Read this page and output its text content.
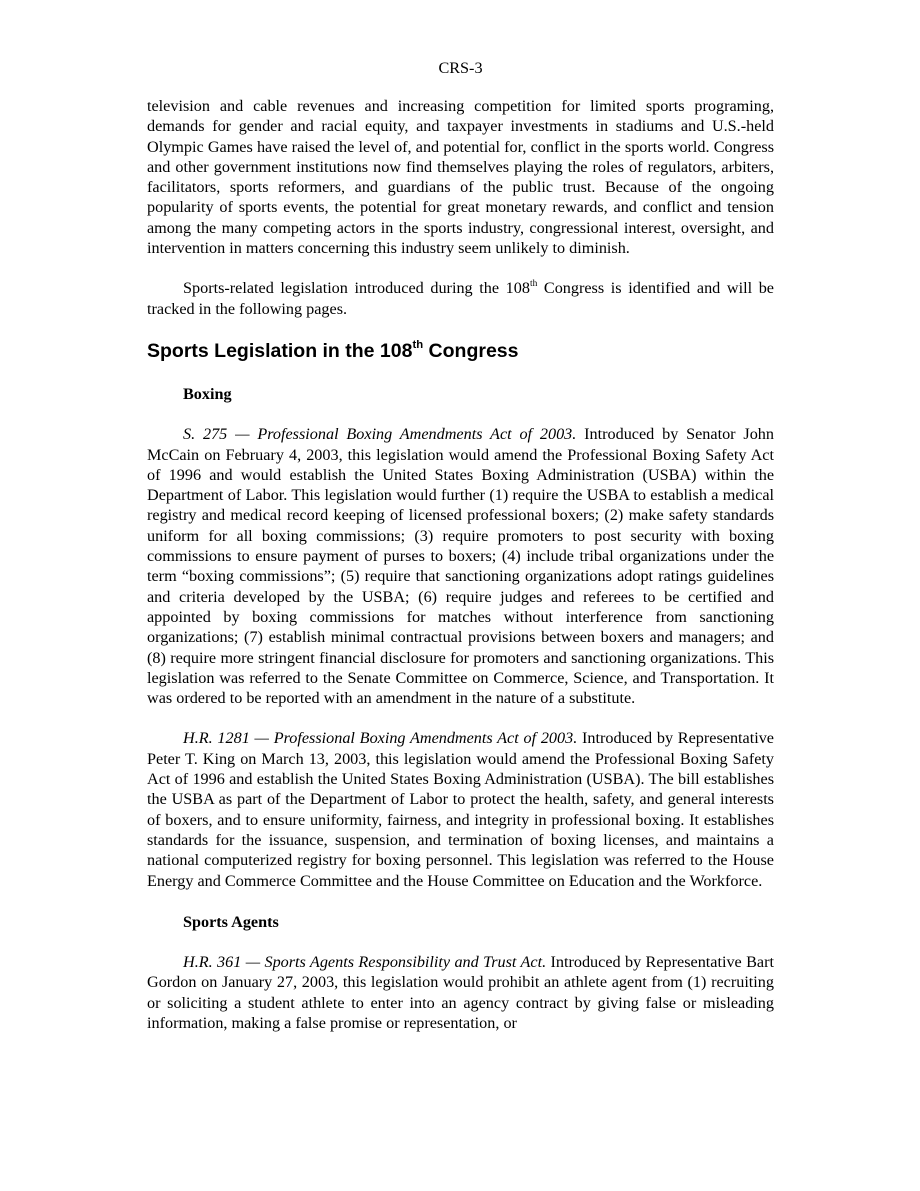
CRS-3

television and cable revenues and increasing competition for limited sports programing, demands for gender and racial equity, and taxpayer investments in stadiums and U.S.-held Olympic Games have raised the level of, and potential for, conflict in the sports world. Congress and other government institutions now find themselves playing the roles of regulators, arbiters, facilitators, sports reformers, and guardians of the public trust. Because of the ongoing popularity of sports events, the potential for great monetary rewards, and conflict and tension among the many competing actors in the sports industry, congressional interest, oversight, and intervention in matters concerning this industry seem unlikely to diminish.

Sports-related legislation introduced during the 108th Congress is identified and will be tracked in the following pages.

Sports Legislation in the 108th Congress
Boxing

S. 275 — Professional Boxing Amendments Act of 2003. Introduced by Senator John McCain on February 4, 2003, this legislation would amend the Professional Boxing Safety Act of 1996 and would establish the United States Boxing Administration (USBA) within the Department of Labor. This legislation would further (1) require the USBA to establish a medical registry and medical record keeping of licensed professional boxers; (2) make safety standards uniform for all boxing commissions; (3) require promoters to post security with boxing commissions to ensure payment of purses to boxers; (4) include tribal organizations under the term “boxing commissions”; (5) require that sanctioning organizations adopt ratings guidelines and criteria developed by the USBA; (6) require judges and referees to be certified and appointed by boxing commissions for matches without interference from sanctioning organizations; (7) establish minimal contractual provisions between boxers and managers; and (8) require more stringent financial disclosure for promoters and sanctioning organizations. This legislation was referred to the Senate Committee on Commerce, Science, and Transportation. It was ordered to be reported with an amendment in the nature of a substitute.

H.R. 1281 — Professional Boxing Amendments Act of 2003. Introduced by Representative Peter T. King on March 13, 2003, this legislation would amend the Professional Boxing Safety Act of 1996 and establish the United States Boxing Administration (USBA). The bill establishes the USBA as part of the Department of Labor to protect the health, safety, and general interests of boxers, and to ensure uniformity, fairness, and integrity in professional boxing. It establishes standards for the issuance, suspension, and termination of boxing licenses, and maintains a national computerized registry for boxing personnel. This legislation was referred to the House Energy and Commerce Committee and the House Committee on Education and the Workforce.

Sports Agents

H.R. 361 — Sports Agents Responsibility and Trust Act. Introduced by Representative Bart Gordon on January 27, 2003, this legislation would prohibit an athlete agent from (1) recruiting or soliciting a student athlete to enter into an agency contract by giving false or misleading information, making a false promise or representation, or
